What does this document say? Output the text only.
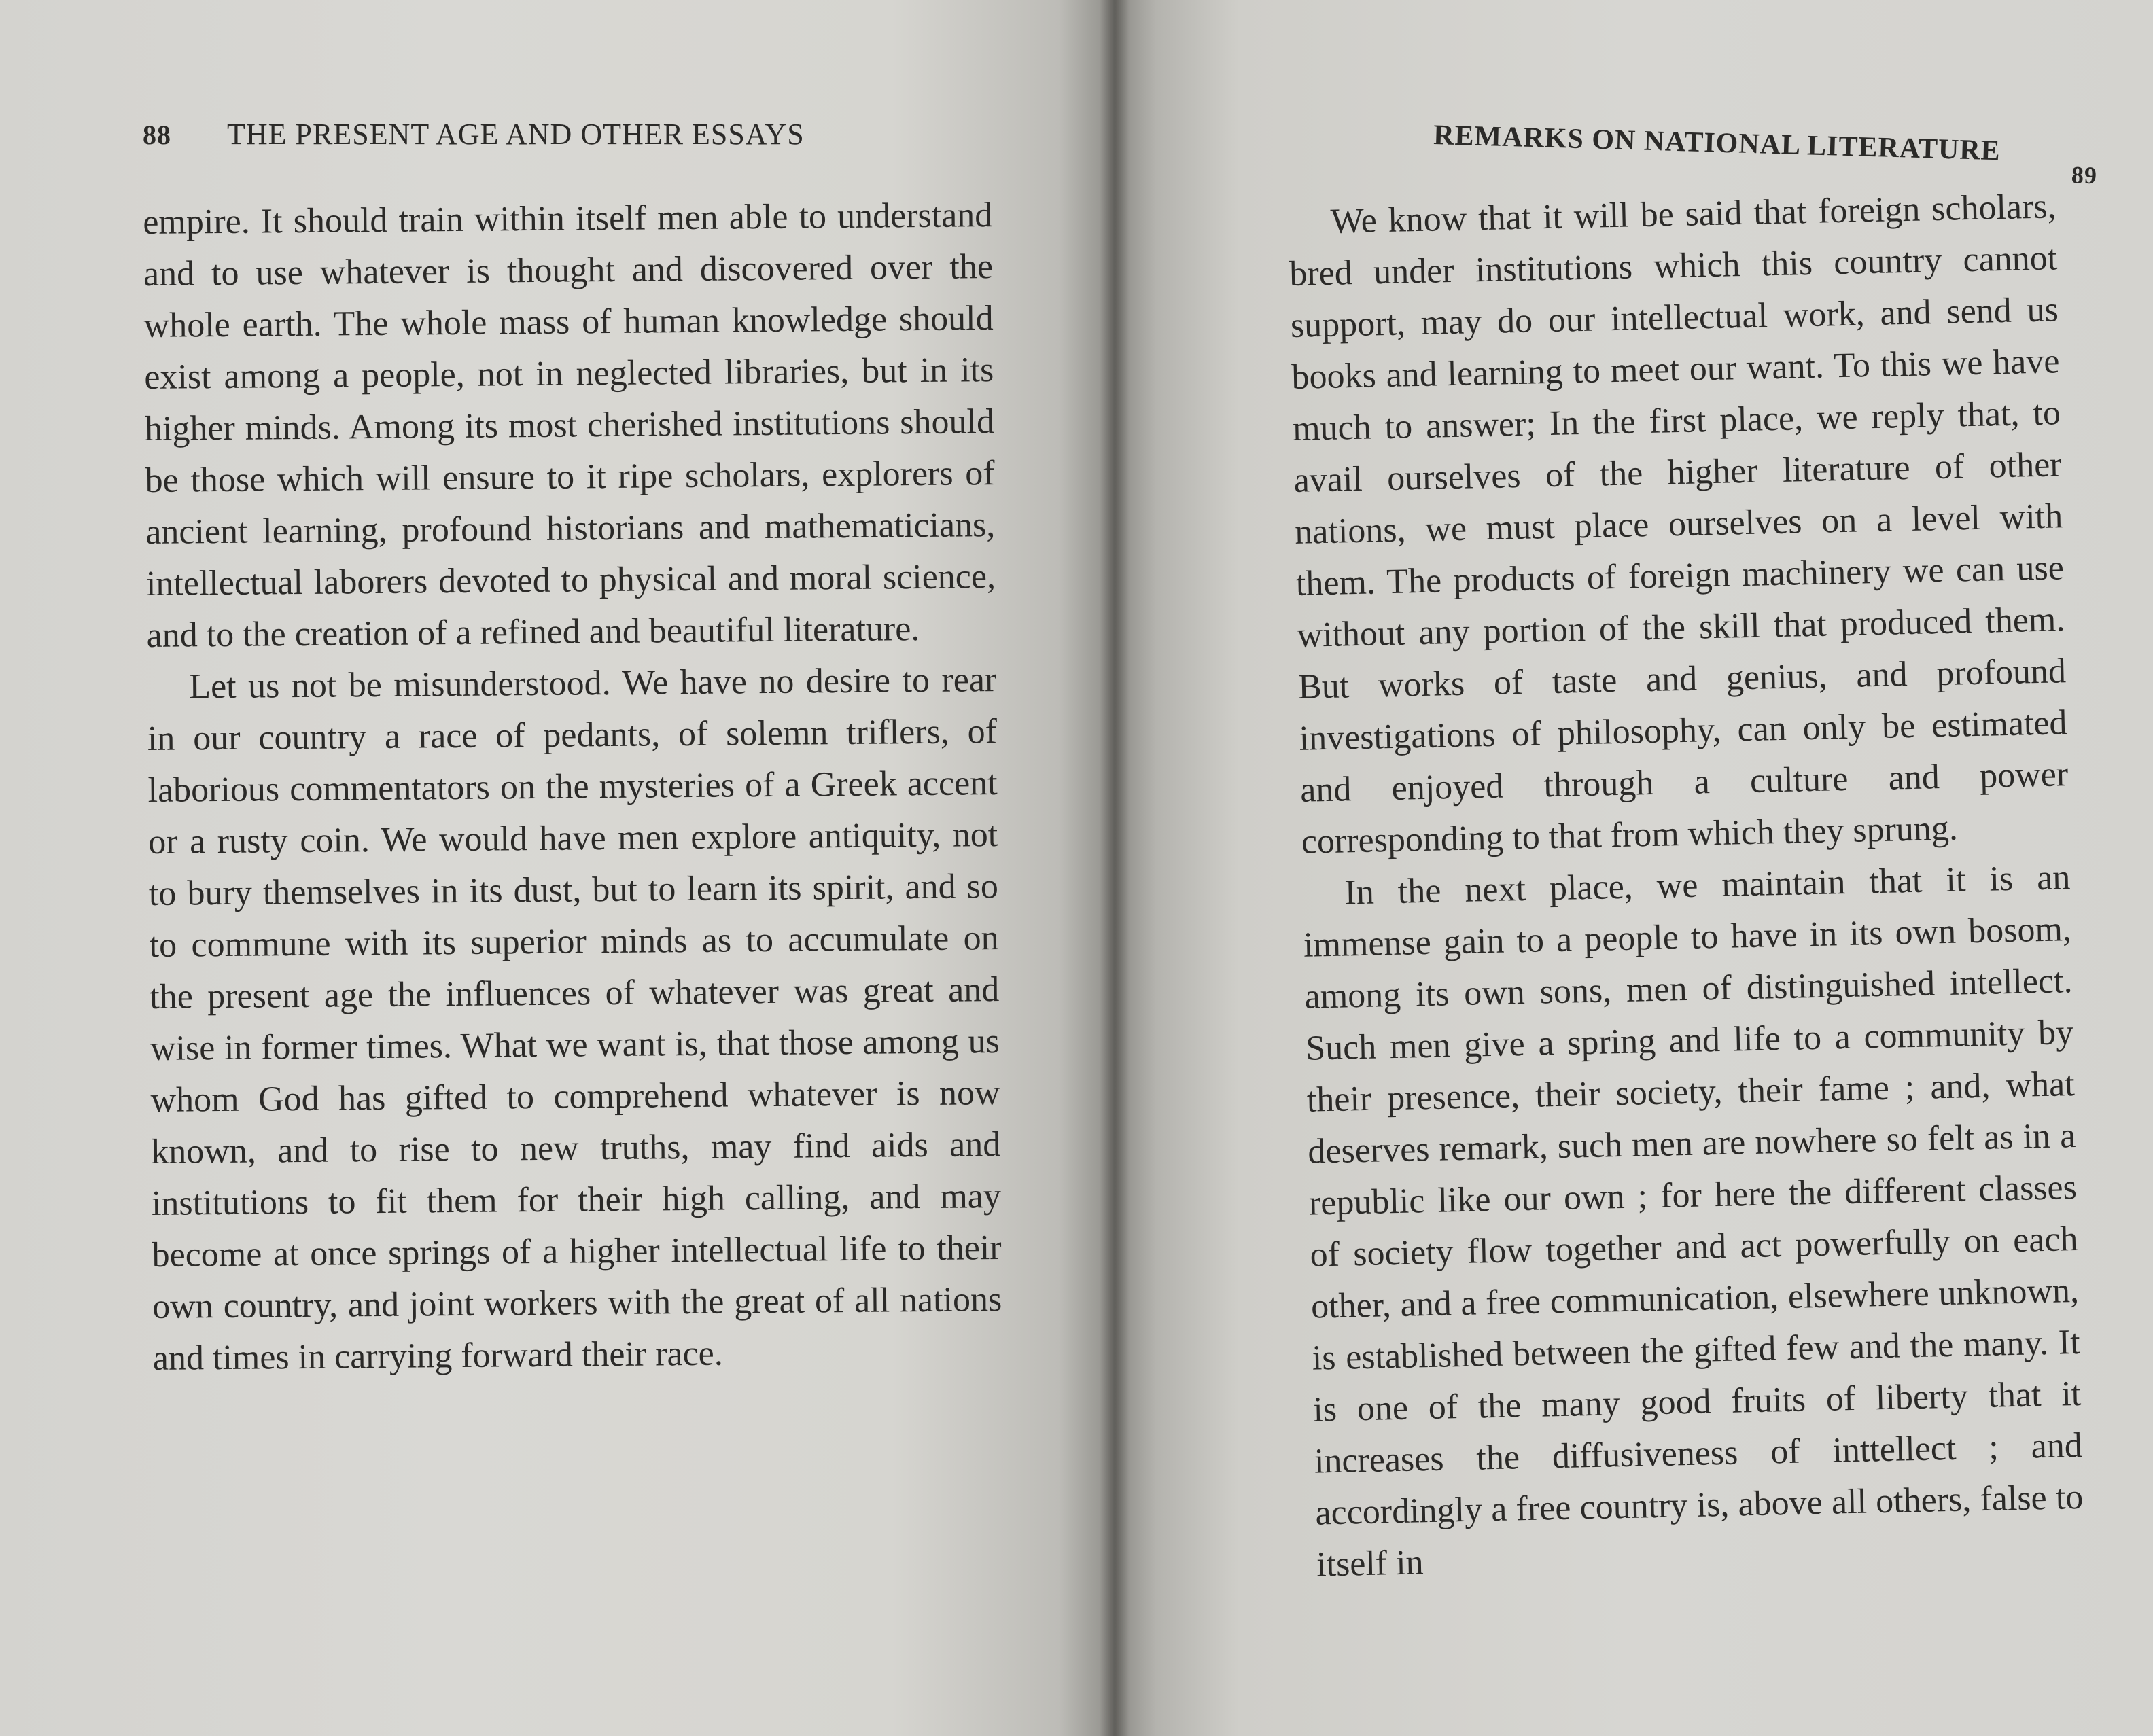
88 THE PRESENT AGE AND OTHER ESSAYS

empire. It should train within itself men able to understand and to use whatever is thought and discovered over the whole earth. The whole mass of human knowledge should exist among a people, not in neglected libraries, but in its higher minds. Among its most cherished institutions should be those which will ensure to it ripe scholars, explorers of ancient learning, profound historians and mathematicians, intellectual laborers devoted to physical and moral science, and to the creation of a refined and beautiful literature.

Let us not be misunderstood. We have no desire to rear in our country a race of pedants, of solemn triflers, of laborious commentators on the mysteries of a Greek accent or a rusty coin. We would have men explore antiquity, not to bury themselves in its dust, but to learn its spirit, and so to commune with its superior minds as to accumulate on the present age the influences of whatever was great and wise in former times. What we want is, that those among us whom God has gifted to comprehend whatever is now known, and to rise to new truths, may find aids and institutions to fit them for their high calling, and may become at once springs of a higher intellectual life to their own country, and joint workers with the great of all nations and times in carrying forward their race.

REMARKS ON NATIONAL LITERATURE
89

We know that it will be said that foreign scholars, bred under institutions which this country cannot support, may do our intellectual work, and send us books and learning to meet our want. To this we have much to answer; In the first place, we reply that, to avail ourselves of the higher literature of other nations, we must place ourselves on a level with them. The products of foreign machinery we can use without any portion of the skill that produced them. But works of taste and genius, and profound investigations of philosophy, can only be estimated and enjoyed through a culture and power corresponding to that from which they sprung.

In the next place, we maintain that it is an immense gain to a people to have in its own bosom, among its own sons, men of distinguished intellect. Such men give a spring and life to a community by their presence, their society, their fame ; and, what deserves remark, such men are nowhere so felt as in a republic like our own ; for here the different classes of society flow together and act powerfully on each other, and a free communication, elsewhere unknown, is established between the gifted few and the many. It is one of the many good fruits of liberty that it increases the diffusiveness of inttellect ; and accordingly a free country is, above all others, false to itself in
